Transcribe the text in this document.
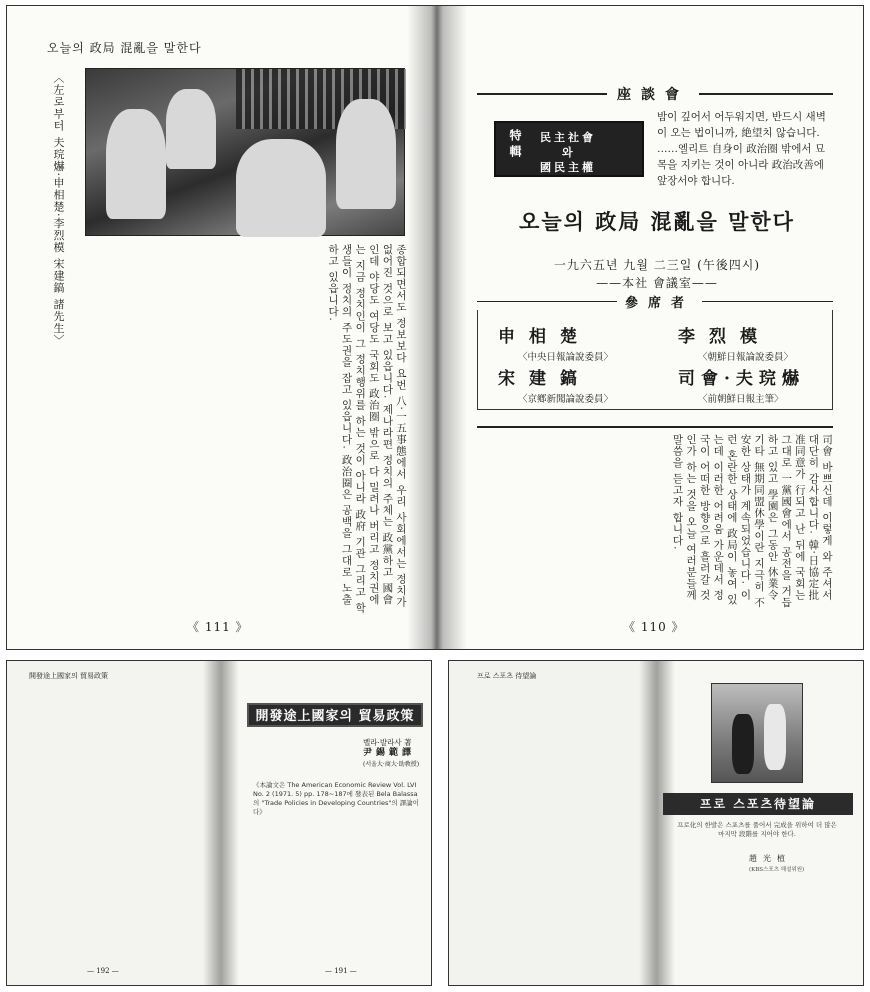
오늘의 政局 混亂을 말한다
〈左로부터 夫琓爀·申相楚·李烈模 宋建鎬 諸先生〉
종합되면서도 정보보다 요번 八·一五事態에서 우리 사회에서는 정치가 없어진 것으로 보고 있읍니다. 제나라편 정치의 주체는 政黨하고 國會인데 야당도 여당도 국회도 政治圈 밖으로 다 밀려나 버리고 정치권에는 지금 정치인이 그 정치행위를 하는 것이 아니라 政府 기관 그리고 학생들이 정치의 주도권을 잡고 있읍니다. 政治圈은 공백을 그대로 노출하고 있읍니다.
《 111 》
座談會
特輯 民主社會
와
國民主權
밤이 깊어서 어두워지면, 반드시 새벽이 오는 법이니까, 絶望치 않습니다. ……엘리트 自身이 政治圈 밖에서 묘목을 지키는 것이 아니라 政治改善에 앞장서야 합니다.
오늘의 政局 混亂을 말한다
一九六五년 九월 二三일 (午後四시)
——本社 會議室——
參席者
申相楚
〈中央日報論說委員〉
李烈模
〈朝鮮日報論說委員〉
宋建鎬
〈京鄕新聞論說委員〉
司會·夫琓爀
〈前朝鮮日報主筆〉
司會 바쁘신데 이렇게 와 주셔서 대단히 감사합니다. 韓·日協定批准同意가 行되고 난 뒤에 국회는 그대로 一黨國會에서 공전을 거듭하고 있고 學園은 그동안 休業令 기타 無期同盟休學이란 지극히 不安한 상태가 계속되었습니다. 이런 혼란한 상태에 政局이 놓여 있는데 이러한 어려움 가운데서 정국이 어떠한 방향으로 흘러갈 것인가 하는 것을 오늘 여러분들께 말씀을 듣고자 합니다.
《 110 》
開發途上國家의 貿易政策
開發途上國家의 貿易政策
벨라·발라사 著
尹錫範譯
(서울大·商大·助敎授)
《本論文은 The American Economic Review Vol. LVI No. 2 (1971. 5) pp. 178~187에 發表된 Bela Balassa의 "Trade Policies in Developing Countries"의 譯論이다》
— 192 —	— 191 —
프로 스포츠 待望論
프로 스포츠待望論
프로化의 한발은 스포츠를 풀어서 完成을 위하여 더 많은 마지막 段階를 지어야 한다.
趙光植
(KBS스포츠 해설위원)
